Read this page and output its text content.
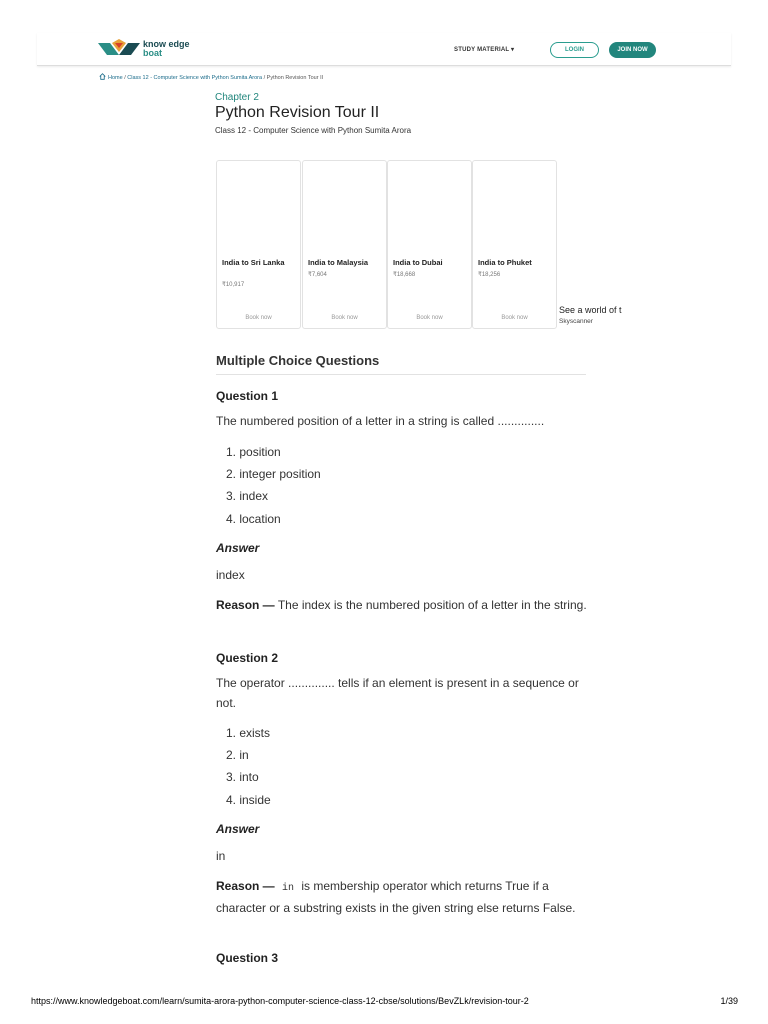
know edge
boat	STUDY MATERIAL ▾	LOGIN	JOIN NOW
Home / Class 12 - Computer Science with Python Sumita Arora / Python Revision Tour II
Chapter 2
Python Revision Tour II
Class 12 - Computer Science with Python Sumita Arora
India to Sri Lanka
₹10,917
Book now
India to Malaysia
₹7,604
Book now
India to Dubai
₹18,668
Book now
India to Phuket
₹18,256
Book now
See a world of t
Skyscanner
Multiple Choice Questions
Question 1
The numbered position of a letter in a string is called ..............
1. position
2. integer position
3. index
4. location
Answer
index
Reason — The index is the numbered position of a letter in the string.
Question 2
The operator .............. tells if an element is present in a sequence or not.
1. exists
2. in
3. into
4. inside
Answer
in
Reason — in is membership operator which returns True if a character or a substring exists in the given string else returns False.
Question 3
https://www.knowledgeboat.com/learn/sumita-arora-python-computer-science-class-12-cbse/solutions/BevZLk/revision-tour-2	1/39
